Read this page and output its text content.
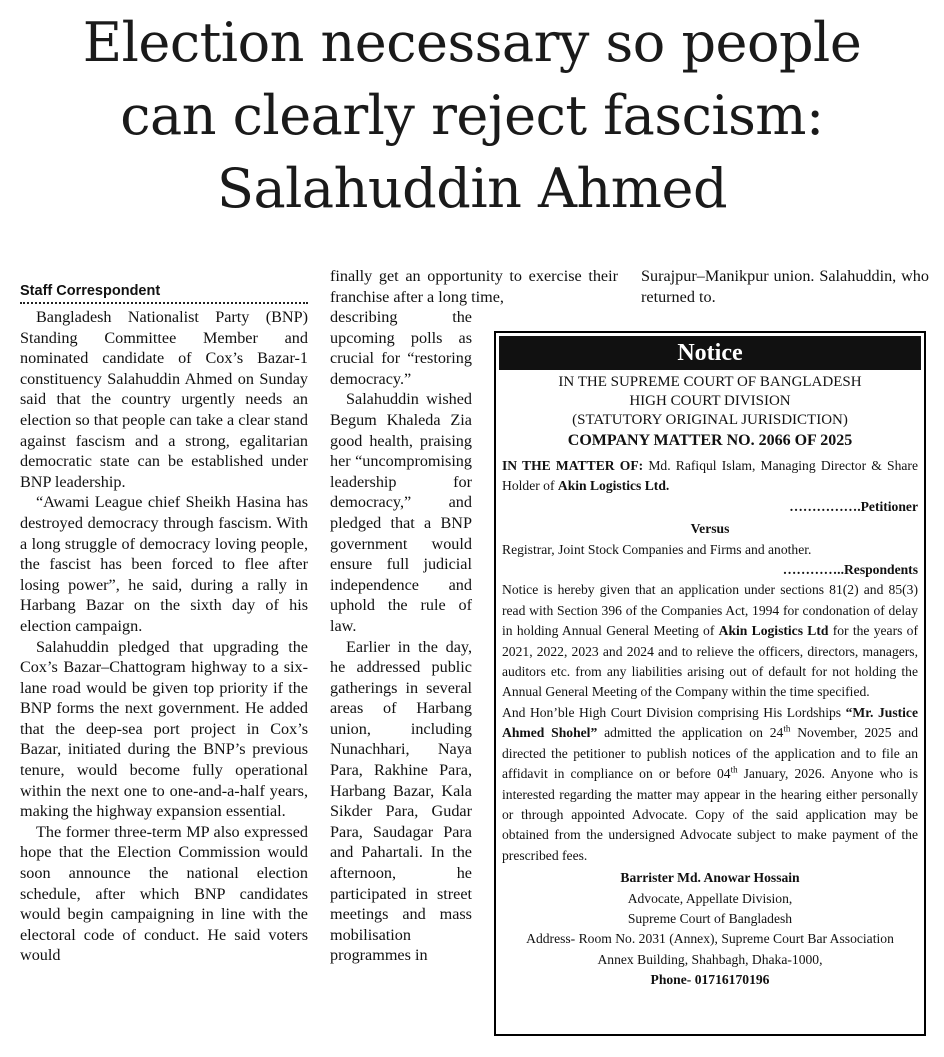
Election necessary so people
can clearly reject fascism:
Salahuddin Ahmed
Staff Correspondent

Bangladesh Nationalist Party (BNP) Standing Committee Member and nominated candidate of Cox’s Bazar-1 constituency Salahuddin Ahmed on Sunday said that the country urgently needs an election so that people can take a clear stand against fascism and a strong, egalitarian democratic state can be established under BNP leadership.

“Awami League chief Sheikh Hasina has destroyed democracy through fascism. With a long struggle of democracy loving people, the fascist has been forced to flee after losing power”, he said, during a rally in Harbang Bazar on the sixth day of his election campaign.

Salahuddin pledged that upgrading the Cox’s Bazar–Chattogram highway to a six-lane road would be given top priority if the BNP forms the next government. He added that the deep-sea port project in Cox’s Bazar, initiated during the BNP’s previous tenure, would become fully operational within the next one to one-and-a-half years, making the highway expansion essential.

The former three-term MP also expressed hope that the Election Commission would soon announce the national election schedule, after which BNP candidates would begin campaigning in line with the electoral code of conduct. He said voters would

finally get an opportunity to exercise their franchise after a long time,

describing the upcoming polls as crucial for “restoring democracy.”

Salahuddin wished Begum Khaleda Zia good health, praising her “uncompromising leadership for democracy,” and pledged that a BNP government would ensure full judicial independence and uphold the rule of law.

Earlier in the day, he addressed public gatherings in several areas of Harbang union, including Nunachhari, Naya Para, Rakhine Para, Harbang Bazar, Kala Sikder Para, Gudar Para, Saudagar Para and Pahartali. In the afternoon, he participated in street meetings and mass mobilisation programmes in

Surajpur–Manikpur union. Salahuddin, who returned to.

Notice
IN THE SUPREME COURT OF BANGLADESH
HIGH COURT DIVISION
(STATUTORY ORIGINAL JURISDICTION)
COMPANY MATTER NO. 2066 OF 2025

IN THE MATTER OF: Md. Rafiqul Islam, Managing Director & Share Holder of Akin Logistics Ltd.

…………….Petitioner
Versus
Registrar, Joint Stock Companies and Firms and another.
…………..Respondents

Notice is hereby given that an application under sections 81(2) and 85(3) read with Section 396 of the Companies Act, 1994 for condonation of delay in holding Annual General Meeting of Akin Logistics Ltd for the years of 2021, 2022, 2023 and 2024 and to relieve the officers, directors, managers, auditors etc. from any liabilities arising out of default for not holding the Annual General Meeting of the Company within the time specified.

And Hon’ble High Court Division comprising His Lordships “Mr. Justice Ahmed Shohel” admitted the application on 24th November, 2025 and directed the petitioner to publish notices of the application and to file an affidavit in compliance on or before 04th January, 2026. Anyone who is interested regarding the matter may appear in the hearing either personally or through appointed Advocate. Copy of the said application may be obtained from the undersigned Advocate subject to make payment of the prescribed fees.

Barrister Md. Anowar Hossain
Advocate, Appellate Division,
Supreme Court of Bangladesh
Address- Room No. 2031 (Annex), Supreme Court Bar Association
Annex Building, Shahbagh, Dhaka-1000,
Phone- 01716170196
